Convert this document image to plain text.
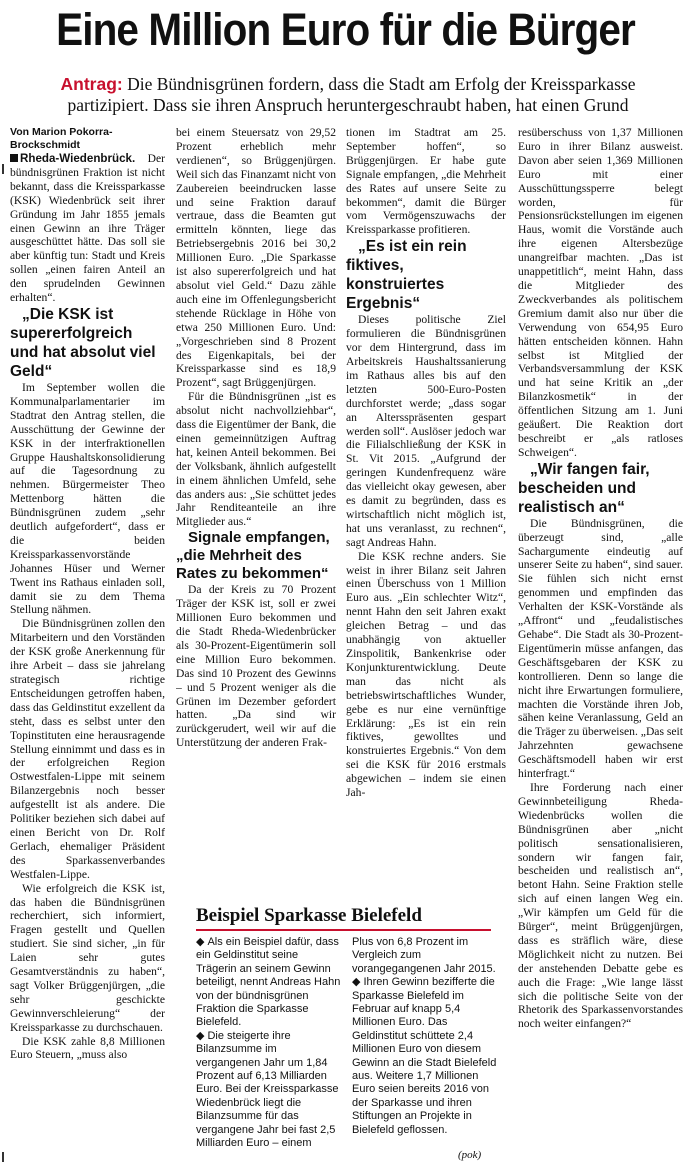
Eine Million Euro für die Bürger
Antrag: Die Bündnisgrünen fordern, dass die Stadt am Erfolg der Kreissparkasse partizipiert. Dass sie ihren Anspruch heruntergeschraubt haben, hat einen Grund

Von Marion Pokorra-Brockschmidt

Rheda-Wiedenbrück. Der bündnisgrünen Fraktion ist nicht bekannt, dass die Kreissparkasse (KSK) Wiedenbrück seit ihrer Gründung im Jahr 1855 jemals einen Gewinn an ihre Träger ausgeschüttet hätte. Das soll sie aber künftig tun: Stadt und Kreis sollen „einen fairen Anteil an den sprudelnden Gewinnen erhalten“.

„Die KSK ist supererfolgreich und hat absolut viel Geld“

Im September wollen die Kommunalparlamentarier im Stadtrat den Antrag stellen, die Ausschüttung der Gewinne der KSK in der interfraktionellen Gruppe Haushaltskonsolidierung auf die Tagesordnung zu nehmen. Bürgermeister Theo Mettenborg hätten die Bündnisgrünen zudem „sehr deutlich aufgefordert“, dass er die beiden Kreissparkassenvorstände Johannes Hüser und Werner Twent ins Rathaus einladen soll, damit sie zu dem Thema Stellung nähmen.

Die Bündnisgrünen zollen den Mitarbeitern und den Vorständen der KSK große Anerkennung für ihre Arbeit – dass sie jahrelang strategisch richtige Entscheidungen getroffen haben, dass das Geldinstitut exzellent da steht, dass es selbst unter den Topinstituten eine herausragende Stellung einnimmt und dass es in der erfolgreichen Region Ostwestfalen-Lippe mit seinem Bilanzergebnis noch besser aufgestellt ist als andere. Die Politiker beziehen sich dabei auf einen Bericht von Dr. Rolf Gerlach, ehemaliger Präsident des Sparkassenverbandes Westfalen-Lippe.

Wie erfolgreich die KSK ist, das haben die Bündnisgrünen recherchiert, sich informiert, Fragen gestellt und Quellen studiert. Sie sind sicher, „in für Laien sehr gutes Gesamtverständnis zu haben“, sagt Volker Brüggenjürgen, „die sehr geschickte Gewinnverschleierung“ der Kreissparkasse zu durchschauen.

Die KSK zahle 8,8 Millionen Euro Steuern, „muss also

bei einem Steuersatz von 29,52 Prozent erheblich mehr verdienen“, so Brüggenjürgen. Weil sich das Finanzamt nicht von Zaubereien beeindrucken lasse und seine Fraktion darauf vertraue, dass die Beamten gut ermitteln könnten, liege das Betriebsergebnis 2016 bei 30,2 Millionen Euro. „Die Sparkasse ist also supererfolgreich und hat absolut viel Geld.“ Dazu zähle auch eine im Offenlegungsbericht stehende Rücklage in Höhe von etwa 250 Millionen Euro. Und: „Vorgeschrieben sind 8 Prozent des Eigenkapitals, bei der Kreissparkasse sind es 18,9 Prozent“, sagt Brüggenjürgen.

Für die Bündnisgrünen „ist es absolut nicht nachvollziehbar“, dass die Eigentümer der Bank, die einen gemeinnützigen Auftrag hat, keinen Anteil bekommen. Bei der Volksbank, ähnlich aufgestellt in einem ähnlichen Umfeld, sehe das anders aus: „Sie schüttet jedes Jahr Renditeanteile an ihre Mitglieder aus.“

Signale empfangen, „die Mehrheit des Rates zu bekommen“

Da der Kreis zu 70 Prozent Träger der KSK ist, soll er zwei Millionen Euro bekommen und die Stadt Rheda-Wiedenbrücker als 30-Prozent-Eigentümerin soll eine Million Euro bekommen. Das sind 10 Prozent des Gewinns – und 5 Prozent weniger als die Grünen im Dezember gefordert hatten. „Da sind wir zurückgerudert, weil wir auf die Unterstützung der anderen Frak-

tionen im Stadtrat am 25. September hoffen“, so Brüggenjürgen. Er habe gute Signale empfangen, „die Mehrheit des Rates auf unsere Seite zu bekommen“, damit die Bürger vom Vermögenszuwachs der Kreissparkasse profitieren.

„Es ist ein rein fiktives, konstruiertes Ergebnis“

Dieses politische Ziel formulieren die Bündnisgrünen vor dem Hintergrund, dass im Arbeitskreis Haushaltssanierung im Rathaus alles bis auf den letzten 500-Euro-Posten durchforstet werde; „dass sogar an Altersspräsenten gespart werden soll“. Auslöser jedoch war die Filialschließung der KSK in St. Vit 2015. „Aufgrund der geringen Kundenfrequenz wäre das vielleicht okay gewesen, aber es damit zu begründen, dass es wirtschaftlich nicht möglich ist, hat uns veranlasst, zu rechnen“, sagt Andreas Hahn.

Die KSK rechne anders. Sie weist in ihrer Bilanz seit Jahren einen Überschuss von 1 Million Euro aus. „Ein schlechter Witz“, nennt Hahn den seit Jahren exakt gleichen Betrag – und das unabhängig von aktueller Zinspolitik, Bankenkrise oder Konjunkturentwicklung. Deute man das nicht als betriebswirtschaftliches Wunder, gebe es nur eine vernünftige Erklärung: „Es ist ein rein fiktives, gewolltes und konstruiertes Ergebnis.“ Von dem sei die KSK für 2016 erstmals abgewichen – indem sie einen Jah-

resüberschuss von 1,37 Millionen Euro in ihrer Bilanz ausweist. Davon aber seien 1,369 Millionen Euro mit einer Ausschüttungssperre belegt worden, für Pensionsrückstellungen im eigenen Haus, womit die Vorstände auch ihre eigenen Altersbezüge unangreifbar machten. „Das ist unappetitlich“, meint Hahn, dass die Mitglieder des Zweckverbandes als politischem Gremium damit also nur über die Verwendung von 654,95 Euro hätten entscheiden können. Hahn selbst ist Mitglied der Verbandsversammlung der KSK und hat seine Kritik an „der Bilanzkosmetik“ in der öffentlichen Sitzung am 1. Juni geäußert. Die Reaktion dort beschreibt er „als ratloses Schweigen“.

„Wir fangen fair, bescheiden und realistisch an“

Die Bündnisgrünen, die überzeugt sind, „alle Sachargumente eindeutig auf unserer Seite zu haben“, sind sauer. Sie fühlen sich nicht ernst genommen und empfinden das Verhalten der KSK-Vorstände als „Affront“ und „feudalistisches Gehabe“. Die Stadt als 30-Prozent-Eigentümerin müsse anfangen, das Geschäftsgebaren der KSK zu kontrollieren. Denn so lange die nicht ihre Erwartungen formuliere, machten die Vorstände ihren Job, sähen keine Veranlassung, Geld an die Träger zu überweisen. „Das seit Jahrzehnten gewachsene Geschäftsmodell haben wir erst hinterfragt.“

Ihre Forderung nach einer Gewinnbeteiligung Rheda-Wiedenbrücks wollen die Bündnisgrünen aber „nicht politisch sensationalisieren, sondern wir fangen fair, bescheiden und realistisch an“, betont Hahn. Seine Fraktion stelle sich auf einen langen Weg ein. „Wir kämpfen um Geld für die Bürger“, meint Brüggenjürgen, dass es sträflich wäre, diese Möglichkeit nicht zu nutzen. Bei der anstehenden Debatte gebe es auch die Frage: „Wie lange lässt sich die politische Seite von der Rhetorik des Sparkassenvorstandes noch weiter einfangen?“

Beispiel Sparkasse Bielefeld

◆ Als ein Beispiel dafür, dass ein Geldinstitut seine Trägerin an seinem Gewinn beteiligt, nennt Andreas Hahn von der bündnisgrünen Fraktion die Sparkasse Bielefeld.

◆ Die steigerte ihre Bilanzsumme im vergangenen Jahr um 1,84 Prozent auf 6,13 Milliarden Euro. Bei der Kreissparkasse Wiedenbrück liegt die Bilanzsumme für das vergangene Jahr bei fast 2,5 Milliarden Euro – einem

Plus von 6,8 Prozent im Vergleich zum vorangegangenen Jahr 2015.

◆ Ihren Gewinn bezifferte die Sparkasse Bielefeld im Februar auf knapp 5,4 Millionen Euro. Das Geldinstitut schüttete 2,4 Millionen Euro von diesem Gewinn an die Stadt Bielefeld aus. Weitere 1,7 Millionen Euro seien bereits 2016 von der Sparkasse und ihren Stiftungen an Projekte in Bielefeld geflossen.

(pok)
